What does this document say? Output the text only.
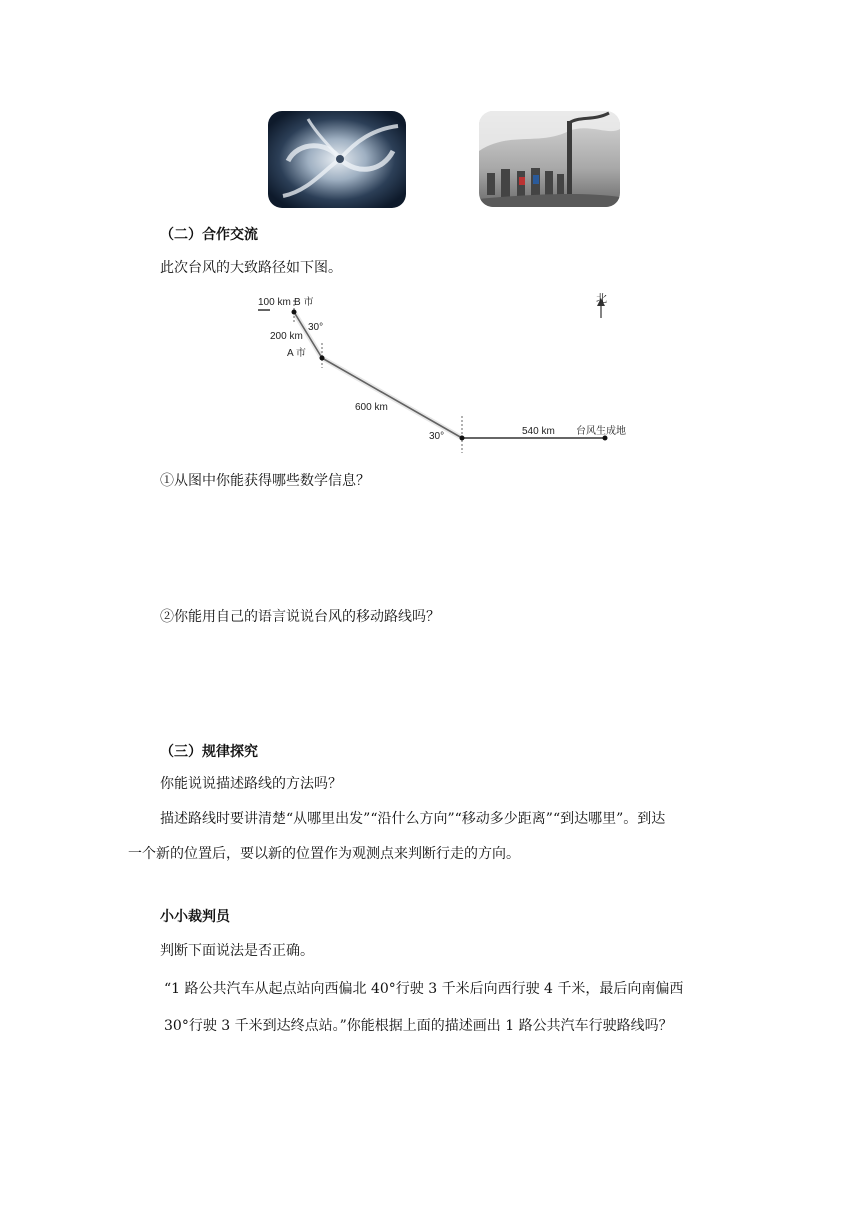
（二）合作交流
此次台风的大致路径如下图。
100 km B 市
30°
200 km
A 市
600 km
30°	540 km 台风生成地
北
①从图中你能获得哪些数学信息？
②你能用自己的语言说说台风的移动路线吗？
（三）规律探究
你能说说描述路线的方法吗？
描述路线时要讲清楚“从哪里出发”“沿什么方向”“移动多少距离”“到达哪里”。到达
一个新的位置后，要以新的位置作为观测点来判断行走的方向。
小小裁判员
判断下面说法是否正确。
“1 路公共汽车从起点站向西偏北 40°行驶 3 千米后向西行驶 4 千米，最后向南偏西
30°行驶 3 千米到达终点站。”你能根据上面的描述画出 1 路公共汽车行驶路线吗？
